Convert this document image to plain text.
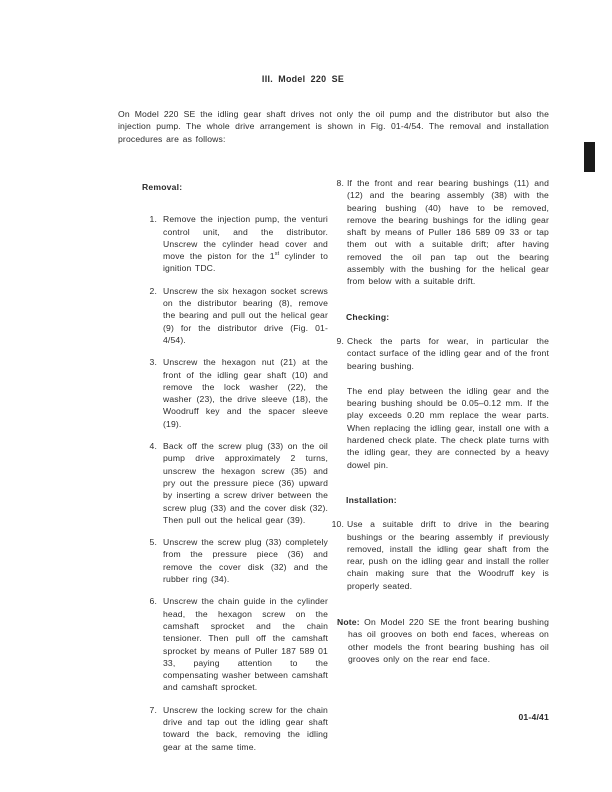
III. Model 220 SE

On Model 220 SE the idling gear shaft drives not only the oil pump and the distributor but also the injection pump. The whole drive arrangement is shown in Fig. 01-4/54. The removal and installation procedures are as follows:

Removal:
1. Remove the injection pump, the venturi control unit, and the distributor. Unscrew the cylinder head cover and move the piston for the 1st cylinder to ignition TDC.

2. Unscrew the six hexagon socket screws on the distributor bearing (8), remove the bearing and pull out the helical gear (9) for the distributor drive (Fig. 01-4/54).

3. Unscrew the hexagon nut (21) at the front of the idling gear shaft (10) and remove the lock washer (22), the washer (23), the drive sleeve (18), the Woodruff key and the spacer sleeve (19).

4. Back off the screw plug (33) on the oil pump drive approximately 2 turns, unscrew the hexagon screw (35) and pry out the pressure piece (36) upward by inserting a screw driver between the screw plug (33) and the cover disk (32). Then pull out the helical gear (39).

5. Unscrew the screw plug (33) completely from the pressure piece (36) and remove the cover disk (32) and the rubber ring (34).

6. Unscrew the chain guide in the cylinder head, the hexagon screw on the camshaft sprocket and the chain tensioner. Then pull off the camshaft sprocket by means of Puller 187 589 01 33, paying attention to the compensating washer between camshaft and camshaft sprocket.

7. Unscrew the locking screw for the chain drive and tap out the idling gear shaft toward the back, removing the idling gear at the same time.

8. If the front and rear bearing bushings (11) and (12) and the bearing assembly (38) with the bearing bushing (40) have to be removed, remove the bearing bushings for the idling gear shaft by means of Puller 186 589 09 33 or tap them out with a suitable drift; after having removed the oil pan tap out the bearing assembly with the bushing for the helical gear from below with a suitable drift.

Checking:
9. Check the parts for wear, in particular the contact surface of the idling gear and of the front bearing bushing.

The end play between the idling gear and the bearing bushing should be 0.05–0.12 mm. If the play exceeds 0.20 mm replace the wear parts. When replacing the idling gear, install one with a hardened check plate. The check plate turns with the idling gear, they are connected by a heavy dowel pin.

Installation:
10. Use a suitable drift to drive in the bearing bushings or the bearing assembly if previously removed, install the idling gear shaft from the rear, push on the idling gear and install the roller chain making sure that the Woodruff key is properly seated.

Note: On Model 220 SE the front bearing bushing has oil grooves on both end faces, whereas on other models the front bearing bushing has oil grooves only on the rear end face.

01-4/41
